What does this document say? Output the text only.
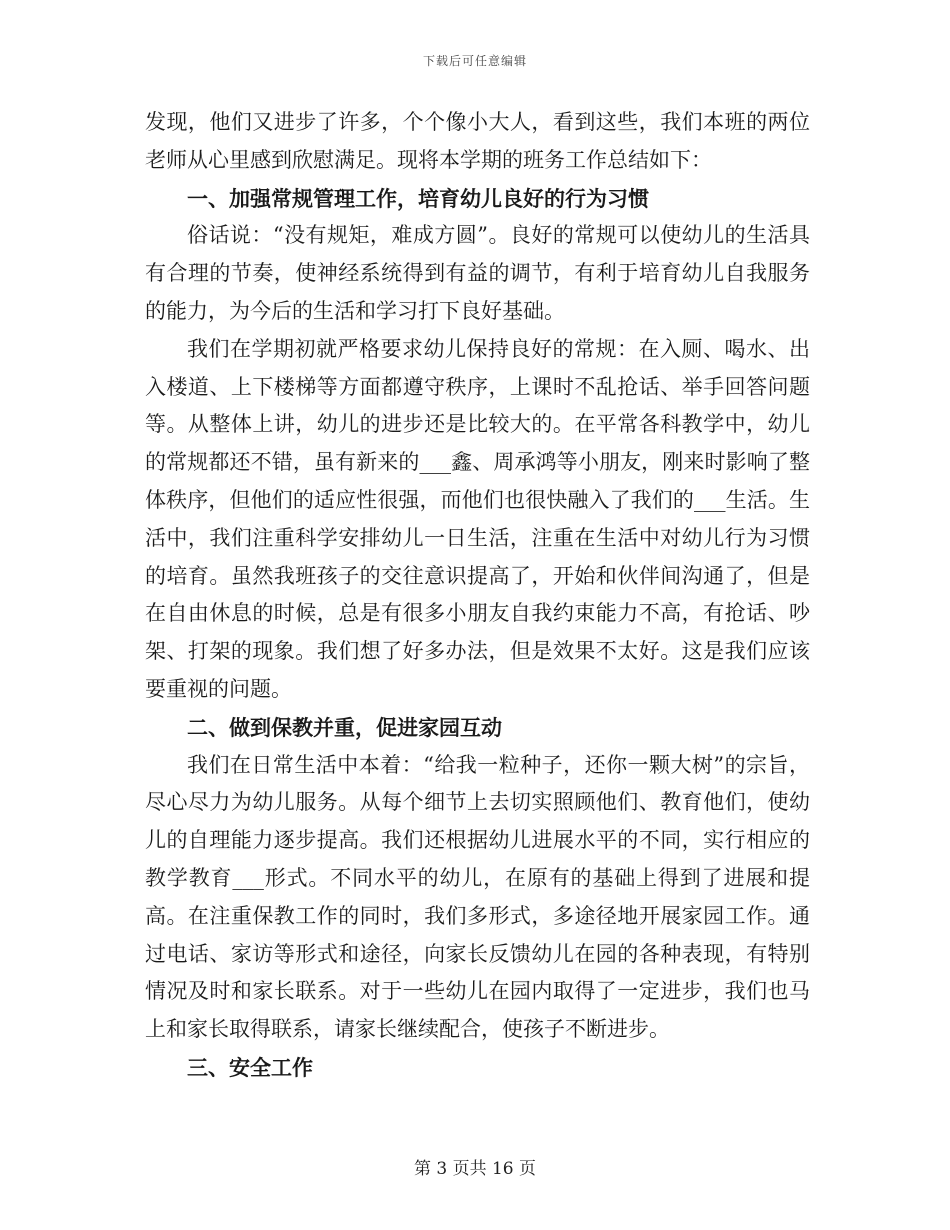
下载后可任意编辑

发现，他们又进步了许多，个个像小大人，看到这些，我们本班的两位老师从心里感到欣慰满足。现将本学期的班务工作总结如下：

一、加强常规管理工作，培育幼儿良好的行为习惯

俗话说：“没有规矩，难成方圆”。良好的常规可以使幼儿的生活具有合理的节奏，使神经系统得到有益的调节，有利于培育幼儿自我服务的能力，为今后的生活和学习打下良好基础。

我们在学期初就严格要求幼儿保持良好的常规：在入厕、喝水、出入楼道、上下楼梯等方面都遵守秩序，上课时不乱抢话、举手回答问题等。从整体上讲，幼儿的进步还是比较大的。在平常各科教学中，幼儿的常规都还不错，虽有新来的___鑫、周承鸿等小朋友，刚来时影响了整体秩序，但他们的适应性很强，而他们也很快融入了我们的___生活。生活中，我们注重科学安排幼儿一日生活，注重在生活中对幼儿行为习惯的培育。虽然我班孩子的交往意识提高了，开始和伙伴间沟通了，但是在自由休息的时候，总是有很多小朋友自我约束能力不高，有抢话、吵架、打架的现象。我们想了好多办法，但是效果不太好。这是我们应该要重视的问题。

二、做到保教并重，促进家园互动

我们在日常生活中本着：“给我一粒种子，还你一颗大树”的宗旨，尽心尽力为幼儿服务。从每个细节上去切实照顾他们、教育他们，使幼儿的自理能力逐步提高。我们还根据幼儿进展水平的不同，实行相应的教学教育___形式。不同水平的幼儿，在原有的基础上得到了进展和提高。在注重保教工作的同时，我们多形式，多途径地开展家园工作。通过电话、家访等形式和途径，向家长反馈幼儿在园的各种表现，有特别情况及时和家长联系。对于一些幼儿在园内取得了一定进步，我们也马上和家长取得联系，请家长继续配合，使孩子不断进步。

三、安全工作

第 3 页共 16 页
